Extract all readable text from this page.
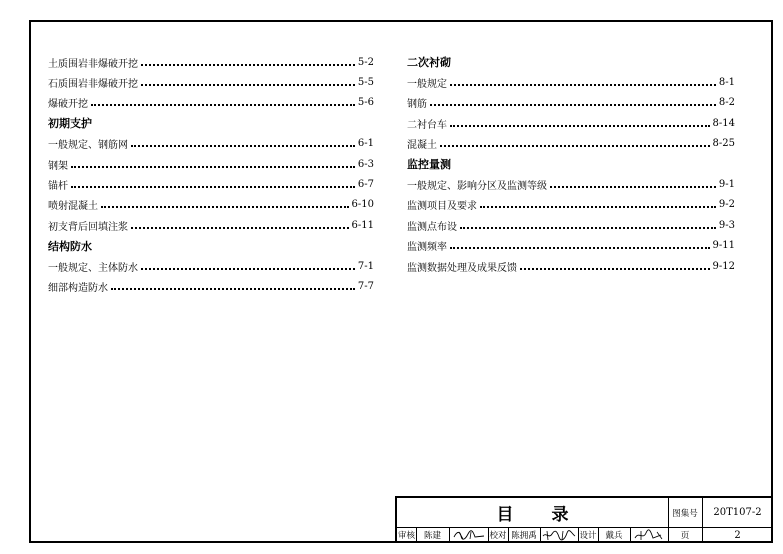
土质围岩非爆破开挖	5-2
石质围岩非爆破开挖	5-5
爆破开挖	5-6
初期支护
一般规定、钢筋网	6-1
钢架	6-3
锚杆	6-7
喷射混凝土	6-10
初支背后回填注浆	6-11
结构防水
一般规定、主体防水	7-1
细部构造防水	7-7
二次衬砌
一般规定	8-1
钢筋	8-2
二衬台车	8-14
混凝土	8-25
监控量测
一般规定、影响分区及监测等级	9-1
监测项目及要求	9-2
监测点布设	9-3
监测频率	9-11
监测数据处理及成果反馈	9-12
目 录	图集号	20T107-2
审核	陈建	校对 陈拥禹	设计	戴兵	页	2
